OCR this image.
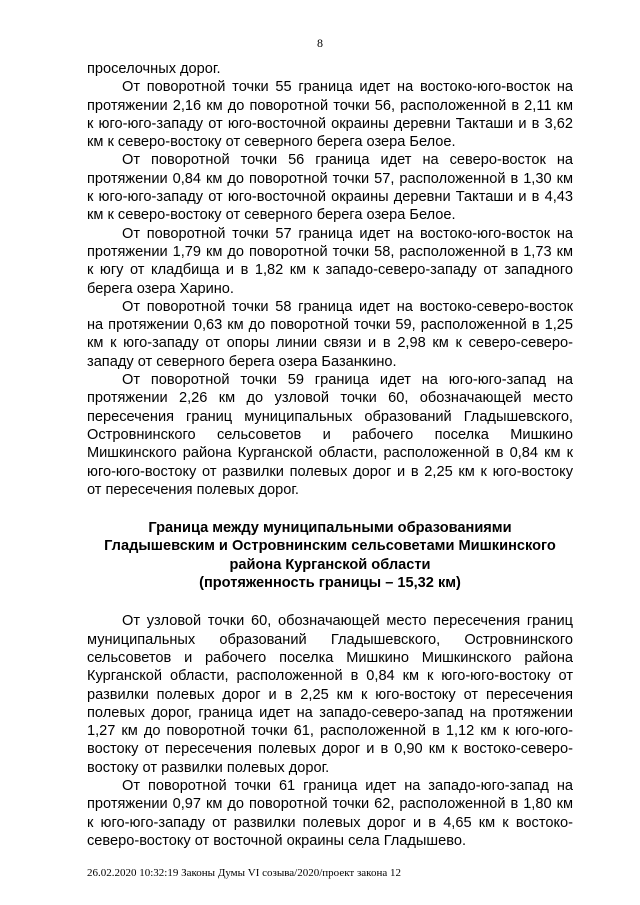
8

проселочных дорог.

От поворотной точки 55 граница идет на востоко-юго-восток на протяжении 2,16 км до поворотной точки 56, расположенной в 2,11 км к юго-юго-западу от юго-восточной окраины деревни Такташи и в 3,62 км к северо-востоку от северного берега озера Белое.

От поворотной точки 56 граница идет на северо-восток на протяжении 0,84 км до поворотной точки 57, расположенной в 1,30 км к юго-юго-западу от юго-восточной окраины деревни Такташи и в 4,43 км к северо-востоку от северного берега озера Белое.

От поворотной точки 57 граница идет на востоко-юго-восток на протяжении 1,79 км до поворотной точки 58, расположенной в 1,73 км к югу от кладбища и в 1,82 км к западо-северо-западу от западного берега озера Харино.

От поворотной точки 58 граница идет на востоко-северо-восток на протяжении 0,63 км до поворотной точки 59, расположенной в 1,25 км к юго-западу от опоры линии связи и в 2,98 км к северо-северо-западу от северного берега озера Базанкино.

От поворотной точки 59 граница идет на юго-юго-запад на протяжении 2,26 км до узловой точки 60, обозначающей место пересечения границ муниципальных образований Гладышевского, Островнинского сельсоветов и рабочего поселка Мишкино Мишкинского района Курганской области, расположенной в 0,84 км к юго-юго-востоку от развилки полевых дорог и в 2,25 км к юго-востоку от пересечения полевых дорог.

Граница между муниципальными образованиями
Гладышевским и Островнинским сельсоветами Мишкинского
района Курганской области
(протяженность границы – 15,32 км)

От узловой точки 60, обозначающей место пересечения границ муниципальных образований Гладышевского, Островнинского сельсоветов и рабочего поселка Мишкино Мишкинского района Курганской области, расположенной в 0,84 км к юго-юго-востоку от развилки полевых дорог и в 2,25 км к юго-востоку от пересечения полевых дорог, граница идет на западо-северо-запад на протяжении 1,27 км до поворотной точки 61, расположенной в 1,12 км к юго-юго-востоку от пересечения полевых дорог и в 0,90 км к востоко-северо-востоку от развилки полевых дорог.

От поворотной точки 61 граница идет на западо-юго-запад на протяжении 0,97 км до поворотной точки 62, расположенной в 1,80 км к юго-юго-западу от развилки полевых дорог и в 4,65 км к востоко-северо-востоку от восточной окраины села Гладышево.

26.02.2020 10:32:19 Законы Думы VI созыва/2020/проект закона 12
